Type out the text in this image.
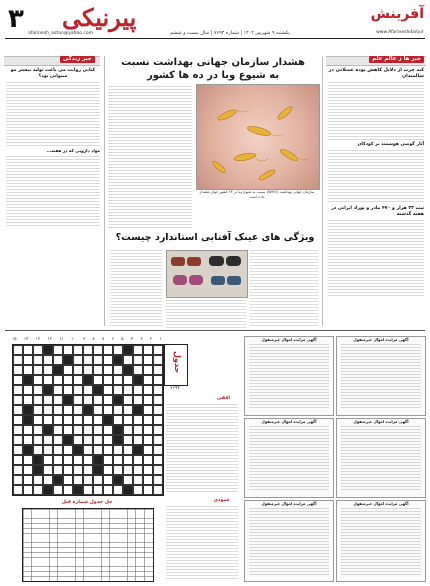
۳ پیرنیکی
afarinesh_ostan@yahoo.com
آفرینش
www.Afarineshdaily.ir
یکشنبه ۹ شهریور ۱۴۰۲ | شماره ۷۶۹۴ | سال بیست و ششم
خبر ها ز عالم علم
خبر زندگی	هشدار سازمان جهانی بهداشت نسبت
به شیوع وبا در ده ها کشور
سازمان جهانی بهداشت (WHO) نسبت به شیوع وبا در ۲۴ کشور جهان هشدار داده است
کبد چرب از دلایل کاهش توده عضلانی در سالمندان
آثار گوشی هوشمند بر کودکان
ثبت ۲۳ هزار و ۴۷۰ مادر و نوزاد ایرانی در هفته گذشته
کتابی روایت می باعث تولید بیشتر مو میتوانی بود؟
مواد دارویی که در هفته...
ویژگی های عینک آفتابی استاندارد چیست؟
۱
۲
۳
۴
۵
۶
۷
۸
۹
۱۰
۱۱
۱۲
۱۳
۱۴
۱۵
جدول
۷۶۹۴
افقی
عمودی
حل جدول شماره قبل
آگهی مزایده اموال غیرمنقول	آگهی مزایده اموال غیرمنقول
آگهی مزایده اموال غیرمنقول	آگهی مزایده اموال غیرمنقول
آگهی مزایده اموال غیرمنقول	آگهی مزایده اموال غیرمنقول
